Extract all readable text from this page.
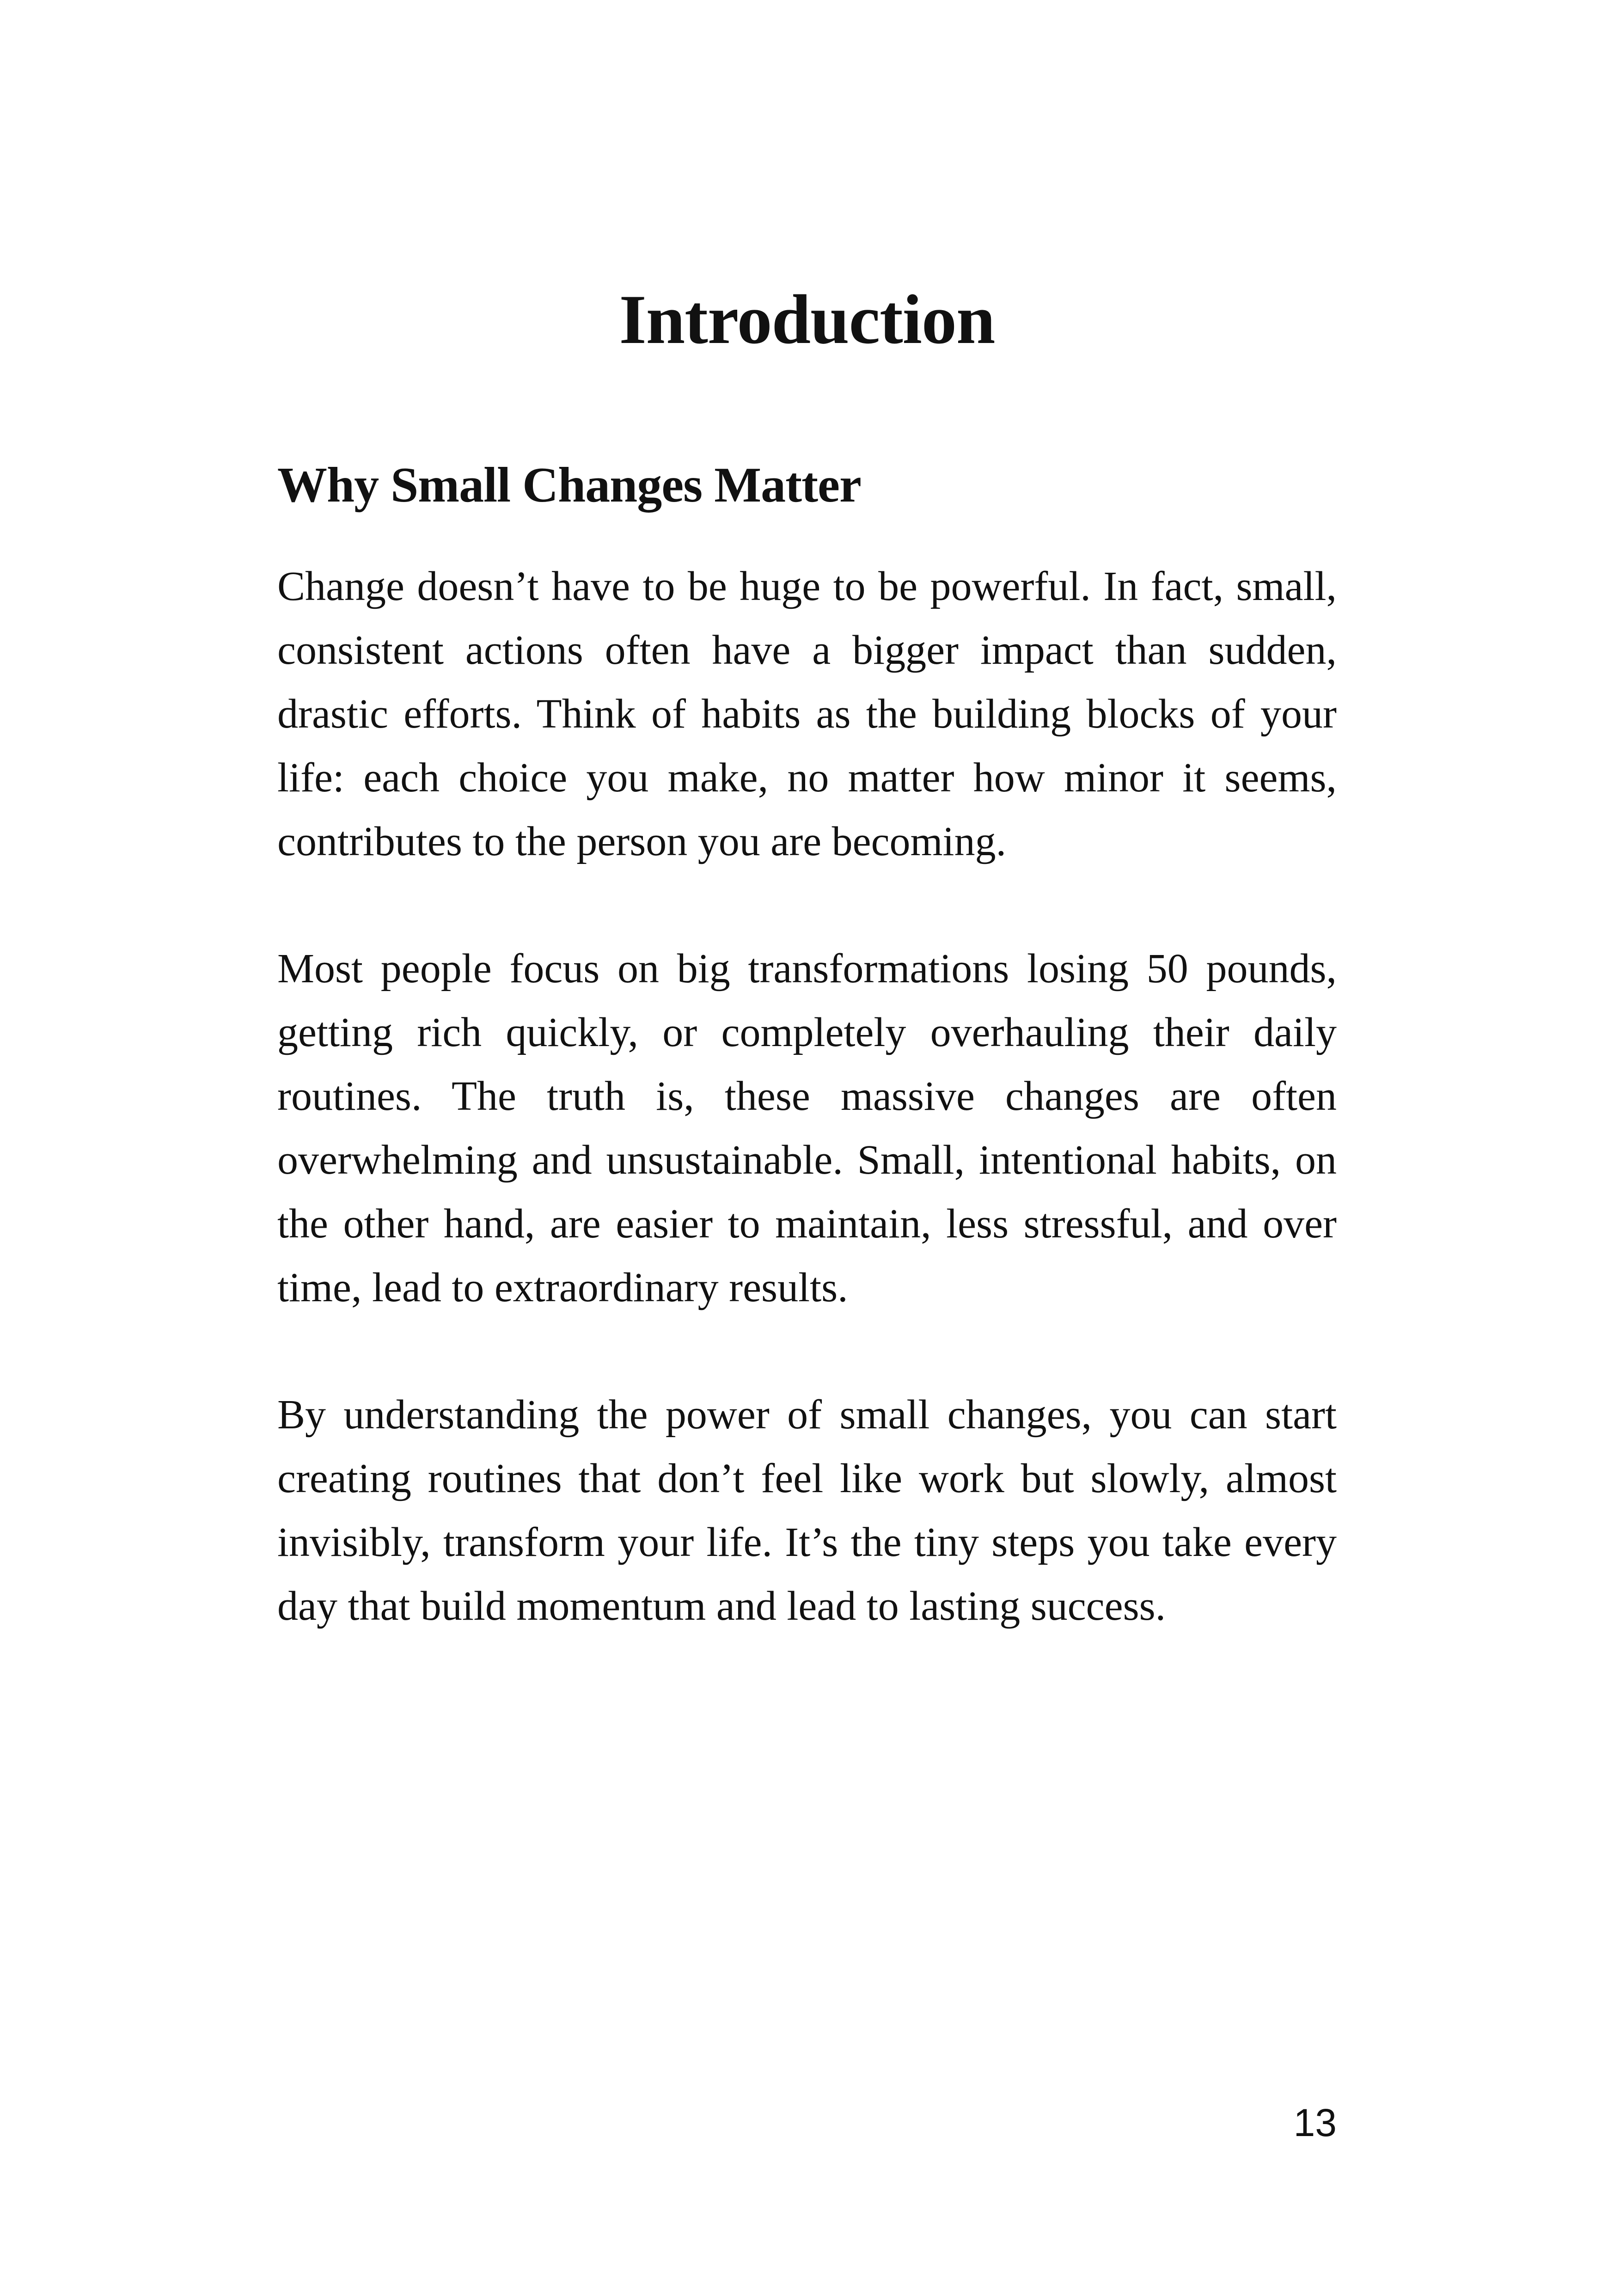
Introduction
Why Small Changes Matter

Change doesn’t have to be huge to be powerful. In fact, small, consistent actions often have a bigger impact than sudden, drastic efforts. Think of habits as the building blocks of your life: each choice you make, no matter how minor it seems, contributes to the person you are becoming.

Most people focus on big transformations losing 50 pounds, getting rich quickly, or completely overhauling their daily routines. The truth is, these massive changes are often overwhelming and unsustainable. Small, intentional habits, on the other hand, are easier to maintain, less stressful, and over time, lead to extraordinary results.

By understanding the power of small changes, you can start creating routines that don’t feel like work but slowly, almost invisibly, transform your life. It’s the tiny steps you take every day that build momentum and lead to lasting success.

13
